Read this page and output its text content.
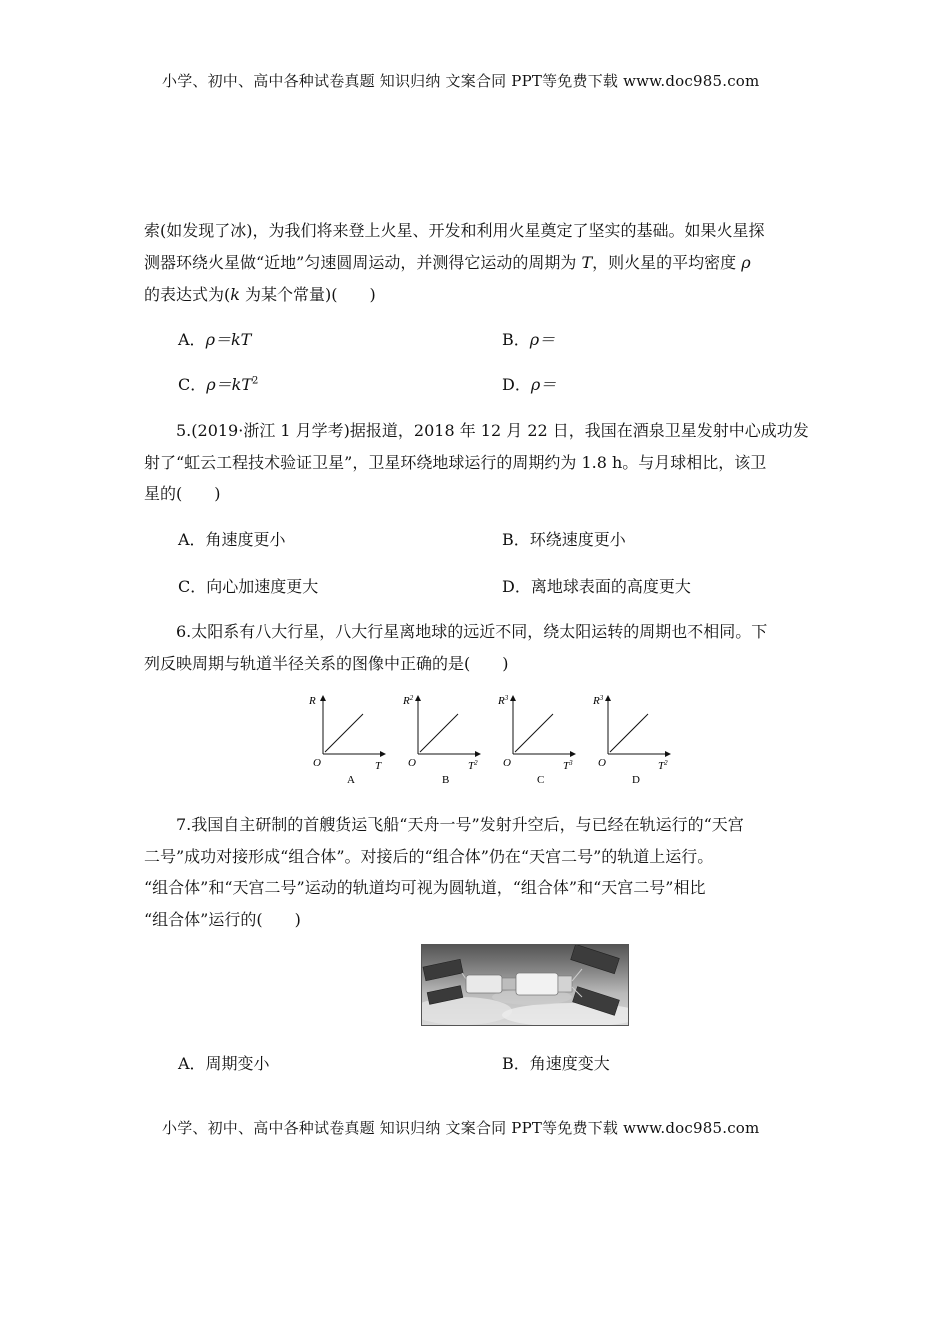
小学、初中、高中各种试卷真题 知识归纳 文案合同 PPT等免费下载 www.doc985.com
索(如发现了冰)，为我们将来登上火星、开发和利用火星奠定了坚实的基础。如果火星探
测器环绕火星做“近地”匀速圆周运动，并测得它运动的周期为 T，则火星的平均密度 ρ
的表达式为(k 为某个常量)(　　)
A．ρ＝kT	B．ρ＝
C．$\rho=kT^2$	D．ρ＝
5.(2019·浙江 1 月学考)据报道，2018 年 12 月 22 日，我国在酒泉卫星发射中心成功发
射了“虹云工程技术验证卫星”，卫星环绕地球运行的周期约为 1.8 h。与月球相比，该卫
星的(　　)
A．角速度更小	B．环绕速度更小
C．向心加速度更大	D．离地球表面的高度更大
6.太阳系有八大行星，八大行星离地球的远近不同，绕太阳运转的周期也不相同。下
列反映周期与轨道半径关系的图像中正确的是(　　)
R
T
O
A
$R^2$
$T^2$
O
B
$R^3$
$T^3$
O
C
$R^3$
$T^2$
O
D
7.我国自主研制的首艘货运飞船“天舟一号”发射升空后，与已经在轨运行的“天宫
二号”成功对接形成“组合体”。对接后的“组合体”仍在“天宫二号”的轨道上运行。
“组合体”和“天宫二号”运动的轨道均可视为圆轨道，“组合体”和“天宫二号”相比
“组合体”运行的(　　)
A．周期变小	B．角速度变大
小学、初中、高中各种试卷真题 知识归纳 文案合同 PPT等免费下载 www.doc985.com
